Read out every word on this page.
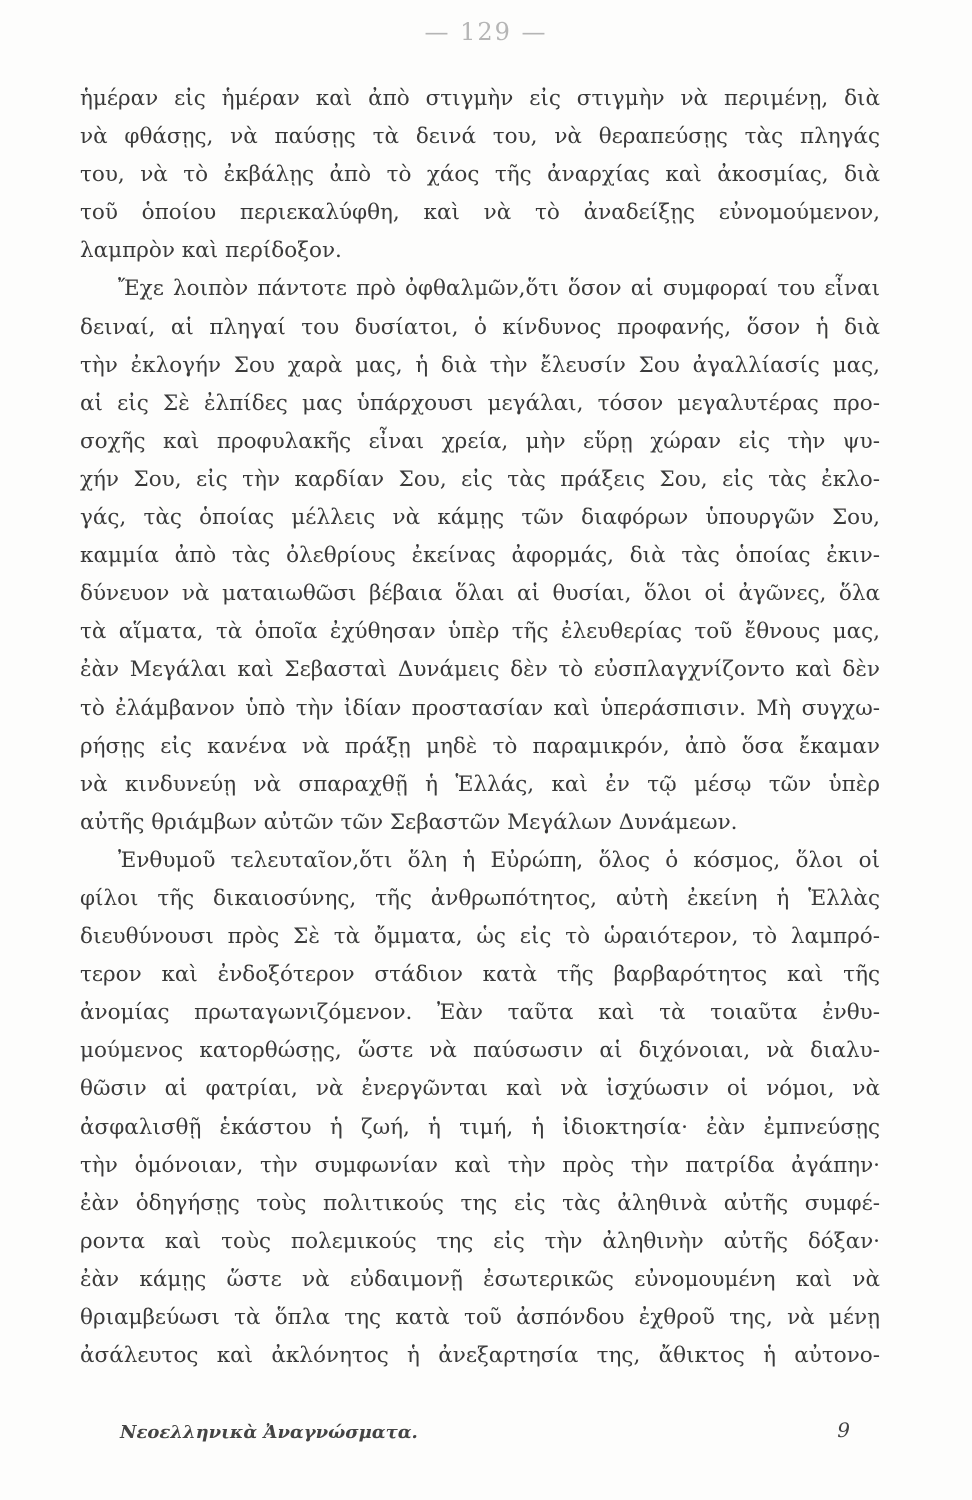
— 129 —
ἡμέραν εἰς ἡμέραν καὶ ἀπὸ στιγμὴν εἰς στιγμὴν νὰ περιμένῃ, διὰ
νὰ φθάσῃς, νὰ παύσῃς τὰ δεινά του, νὰ θεραπεύσῃς τὰς πληγάς
του, νὰ τὸ ἐκβάλῃς ἀπὸ τὸ χάος τῆς ἀναρχίας καὶ ἀκοσμίας, διὰ
τοῦ ὁποίου περιεκαλύφθη, καὶ νὰ τὸ ἀναδείξῃς εὐνομούμενον,
λαμπρὸν καὶ περίδοξον.
Ἔχε λοιπὸν πάντοτε πρὸ ὀφθαλμῶν,ὅτι ὅσον αἱ συμφοραί του εἶναι
δειναί, αἱ πληγαί του δυσίατοι, ὁ κίνδυνος προφανής, ὅσον ἡ διὰ
τὴν ἐκλογήν Σου χαρὰ μας, ἡ διὰ τὴν ἔλευσίν Σου ἀγαλλίασίς μας,
αἱ εἰς Σὲ ἐλπίδες μας ὑπάρχουσι μεγάλαι, τόσον μεγαλυτέρας προ-
σοχῆς καὶ προφυλακῆς εἶναι χρεία, μὴν εὕρῃ χώραν εἰς τὴν ψυ-
χήν Σου, εἰς τὴν καρδίαν Σου, εἰς τὰς πράξεις Σου, εἰς τὰς ἐκλο-
γάς, τὰς ὁποίας μέλλεις νὰ κάμῃς τῶν διαφόρων ὑπουργῶν Σου,
καμμία ἀπὸ τὰς ὀλεθρίους ἐκείνας ἀφορμάς, διὰ τὰς ὁποίας ἐκιν-
δύνευον νὰ ματαιωθῶσι βέβαια ὅλαι αἱ θυσίαι, ὅλοι οἱ ἀγῶνες, ὅλα
τὰ αἵματα, τὰ ὁποῖα ἐχύθησαν ὑπὲρ τῆς ἐλευθερίας τοῦ ἔθνους μας,
ἐὰν Μεγάλαι καὶ Σεβασταὶ Δυνάμεις δὲν τὸ εὐσπλαγχνίζοντο καὶ δὲν
τὸ ἐλάμβανον ὑπὸ τὴν ἰδίαν προστασίαν καὶ ὑπεράσπισιν. Μὴ συγχω-
ρήσῃς εἰς κανένα νὰ πράξῃ μηδὲ τὸ παραμικρόν, ἀπὸ ὅσα ἔκαμαν
νὰ κινδυνεύῃ νὰ σπαραχθῇ ἡ Ἑλλάς, καὶ ἐν τῷ μέσῳ τῶν ὑπὲρ
αὐτῆς θριάμβων αὐτῶν τῶν Σεβαστῶν Μεγάλων Δυνάμεων.
Ἐνθυμοῦ τελευταῖον,ὅτι ὅλη ἡ Εὐρώπη, ὅλος ὁ κόσμος, ὅλοι οἱ
φίλοι τῆς δικαιοσύνης, τῆς ἀνθρωπότητος, αὐτὴ ἐκείνη ἡ Ἑλλὰς
διευθύνουσι πρὸς Σὲ τὰ ὄμματα, ὡς εἰς τὸ ὡραιότερον, τὸ λαμπρό-
τερον καὶ ἐνδοξότερον στάδιον κατὰ τῆς βαρβαρότητος καὶ τῆς
ἀνομίας πρωταγωνιζόμενον. Ἐὰν ταῦτα καὶ τὰ τοιαῦτα ἐνθυ-
μούμενος κατορθώσῃς, ὥστε νὰ παύσωσιν αἱ διχόνοιαι, νὰ διαλυ-
θῶσιν αἱ φατρίαι, νὰ ἐνεργῶνται καὶ νὰ ἰσχύωσιν οἱ νόμοι, νὰ
ἀσφαλισθῇ ἑκάστου ἡ ζωή, ἡ τιμή, ἡ ἰδιοκτησία· ἐὰν ἐμπνεύσῃς
τὴν ὁμόνοιαν, τὴν συμφωνίαν καὶ τὴν πρὸς τὴν πατρίδα ἀγάπην·
ἐὰν ὁδηγήσῃς τοὺς πολιτικούς της εἰς τὰς ἀληθινὰ αὐτῆς συμφέ-
ροντα καὶ τοὺς πολεμικούς της εἰς τὴν ἀληθινὴν αὐτῆς δόξαν·
ἐὰν κάμῃς ὥστε νὰ εὐδαιμονῇ ἐσωτερικῶς εὐνομουμένη καὶ νὰ
θριαμβεύωσι τὰ ὅπλα της κατὰ τοῦ ἀσπόνδου ἐχθροῦ της, νὰ μένῃ
ἀσάλευτος καὶ ἀκλόνητος ἡ ἀνεξαρτησία της, ἄθικτος ἡ αὐτονο-
Νεοελληνικὰ Ἀναγνώσματα.	9
